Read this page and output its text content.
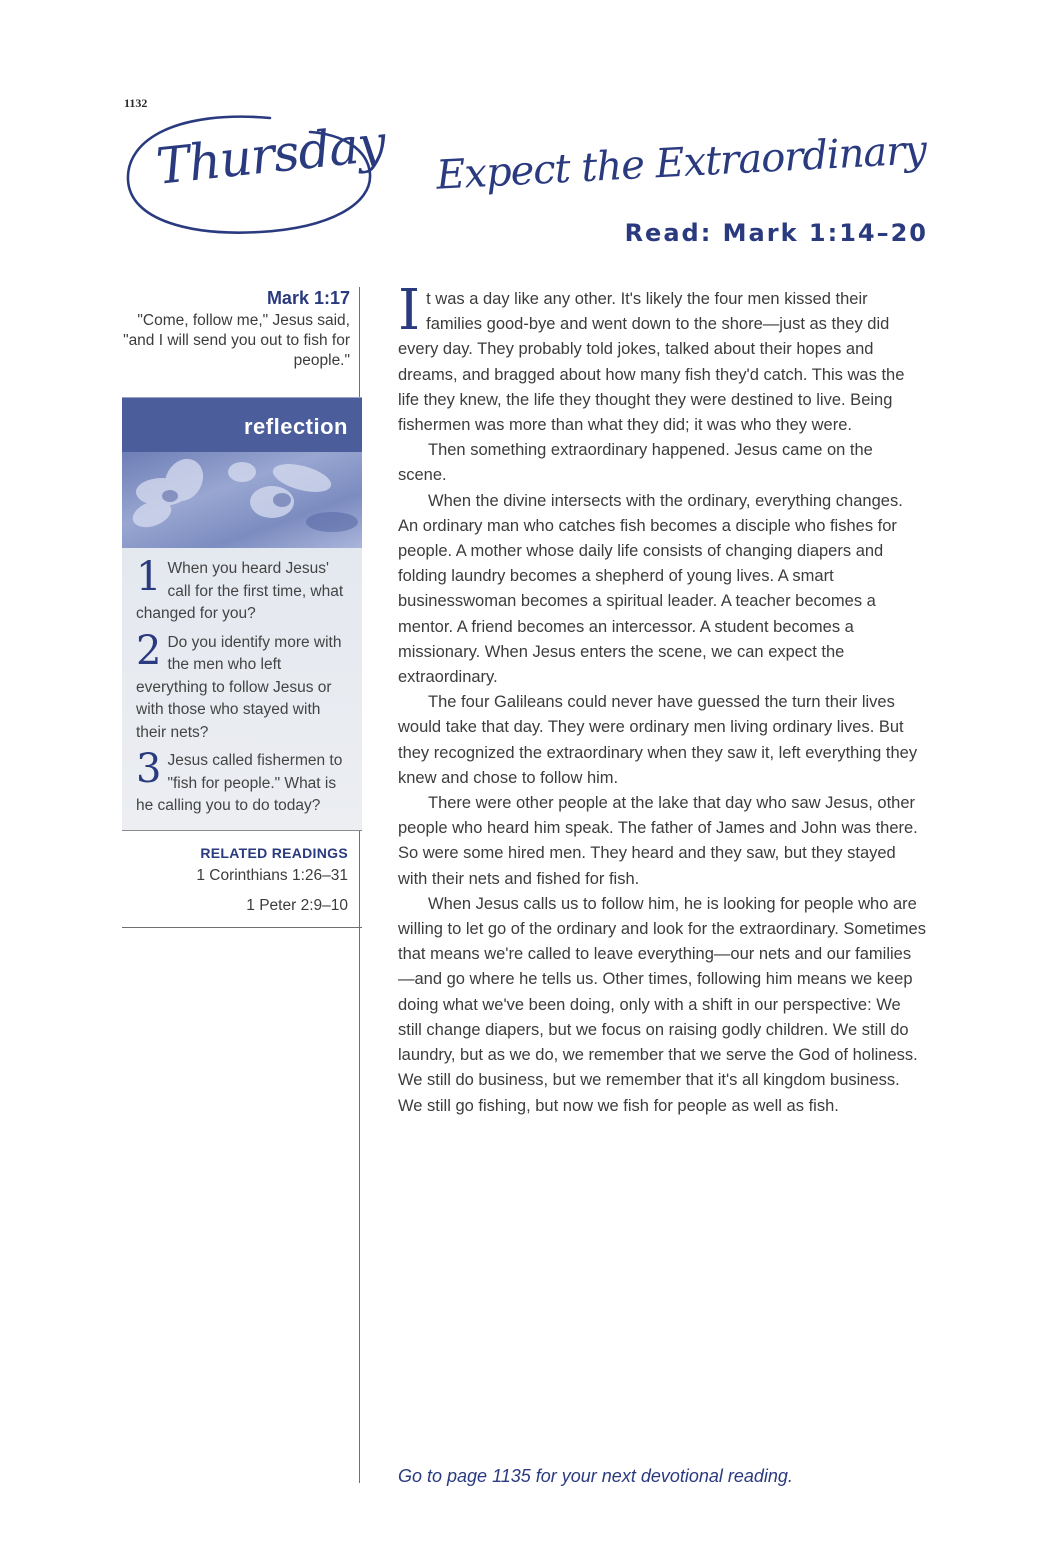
1132
Thursday Expect the Extraordinary
Read: Mark 1:14–20
Mark 1:17
"Come, follow me," Jesus said, "and I will send you out to fish for people."
reflection
1 When you heard Jesus' call for the first time, what changed for you?
2 Do you identify more with the men who left everything to follow Jesus or with those who stayed with their nets?
3 Jesus called fishermen to "fish for people." What is he calling you to do today?
RELATED READINGS
1 Corinthians 1:26–31
1 Peter 2:9–10

It was a day like any other. It's likely the four men kissed their families good-bye and went down to the shore—just as they did every day. They probably told jokes, talked about their hopes and dreams, and bragged about how many fish they'd catch. This was the life they knew, the life they thought they were destined to live. Being fishermen was more than what they did; it was who they were.

Then something extraordinary happened. Jesus came on the scene.

When the divine intersects with the ordinary, everything changes. An ordinary man who catches fish becomes a disciple who fishes for people. A mother whose daily life consists of changing diapers and folding laundry becomes a shepherd of young lives. A smart businesswoman becomes a spiritual leader. A teacher becomes a mentor. A friend becomes an intercessor. A student becomes a missionary. When Jesus enters the scene, we can expect the extraordinary.

The four Galileans could never have guessed the turn their lives would take that day. They were ordinary men living ordinary lives. But they recognized the extraordinary when they saw it, left everything they knew and chose to follow him.

There were other people at the lake that day who saw Jesus, other people who heard him speak. The father of James and John was there. So were some hired men. They heard and they saw, but they stayed with their nets and fished for fish.

When Jesus calls us to follow him, he is looking for people who are willing to let go of the ordinary and look for the extraordinary. Sometimes that means we're called to leave everything—our nets and our families—and go where he tells us. Other times, following him means we keep doing what we've been doing, only with a shift in our perspective: We still change diapers, but we focus on raising godly children. We still do laundry, but as we do, we remember that we serve the God of holiness. We still do business, but we remember that it's all kingdom business. We still go fishing, but now we fish for people as well as fish.

Go to page 1135 for your next devotional reading.
